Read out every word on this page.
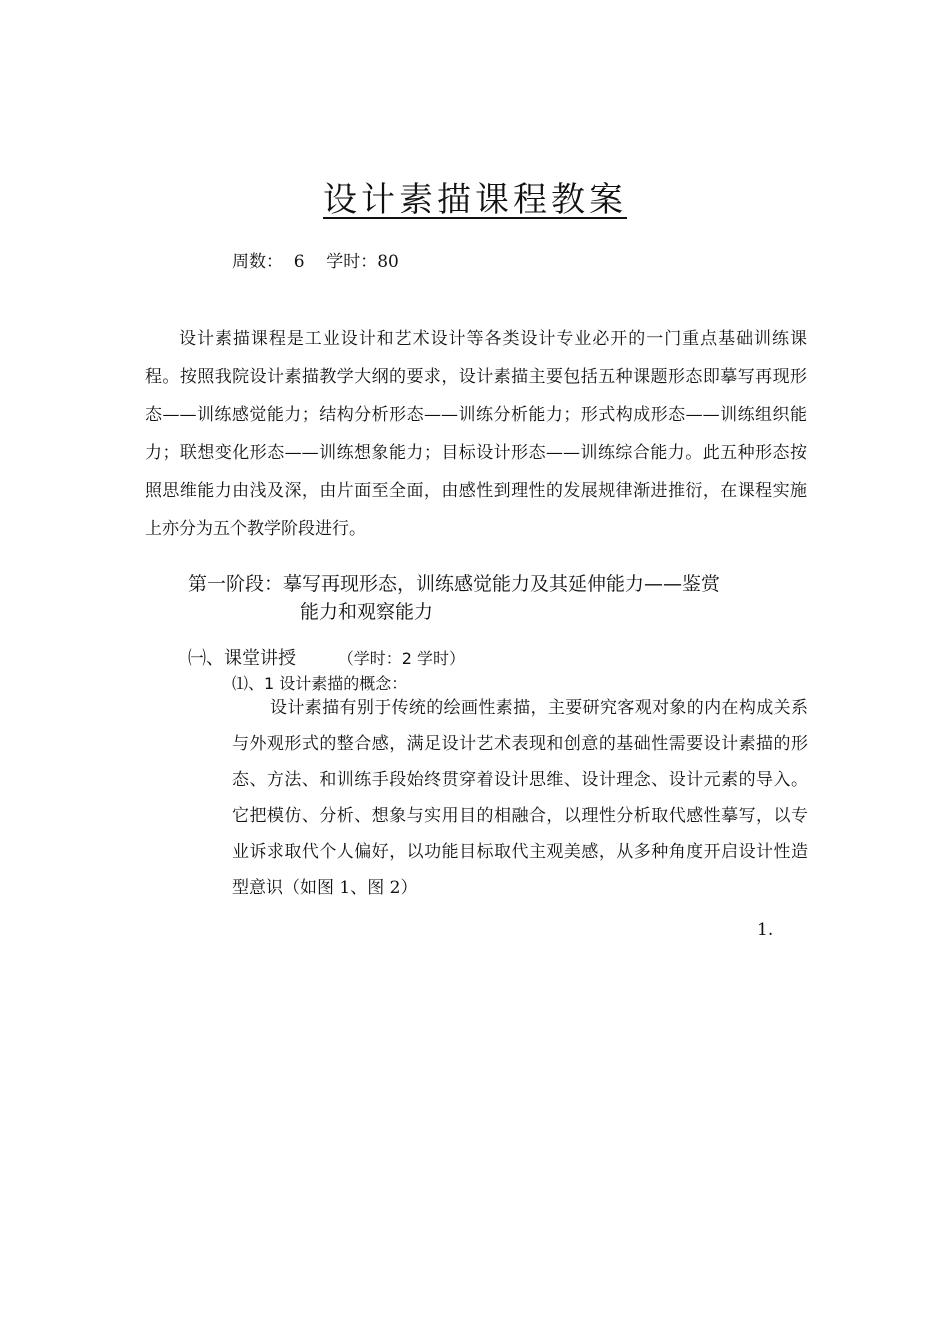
设计素描课程教案
周数：  6    学时：80
设计素描课程是工业设计和艺术设计等各类设计专业必开的一门重点基础训练课程。按照我院设计素描教学大纲的要求，设计素描主要包括五种课题形态即摹写再现形态——训练感觉能力；结构分析形态——训练分析能力；形式构成形态——训练组织能力；联想变化形态——训练想象能力；目标设计形态——训练综合能力。此五种形态按照思维能力由浅及深，由片面至全面，由感性到理性的发展规律渐进推衍，在课程实施上亦分为五个教学阶段进行。
第一阶段：摹写再现形态，训练感觉能力及其延伸能力——鉴赏
能力和观察能力
㈠、课堂讲授	（学时：2 学时）
⑴、1 设计素描的概念：
设计素描有别于传统的绘画性素描，主要研究客观对象的内在构成关系与外观形式的整合感，满足设计艺术表现和创意的基础性需要设计素描的形态、方法、和训练手段始终贯穿着设计思维、设计理念、设计元素的导入。它把模仿、分析、想象与实用目的相融合，以理性分析取代感性摹写，以专业诉求取代个人偏好，以功能目标取代主观美感，从多种角度开启设计性造型意识（如图 1、图 2）
1.
